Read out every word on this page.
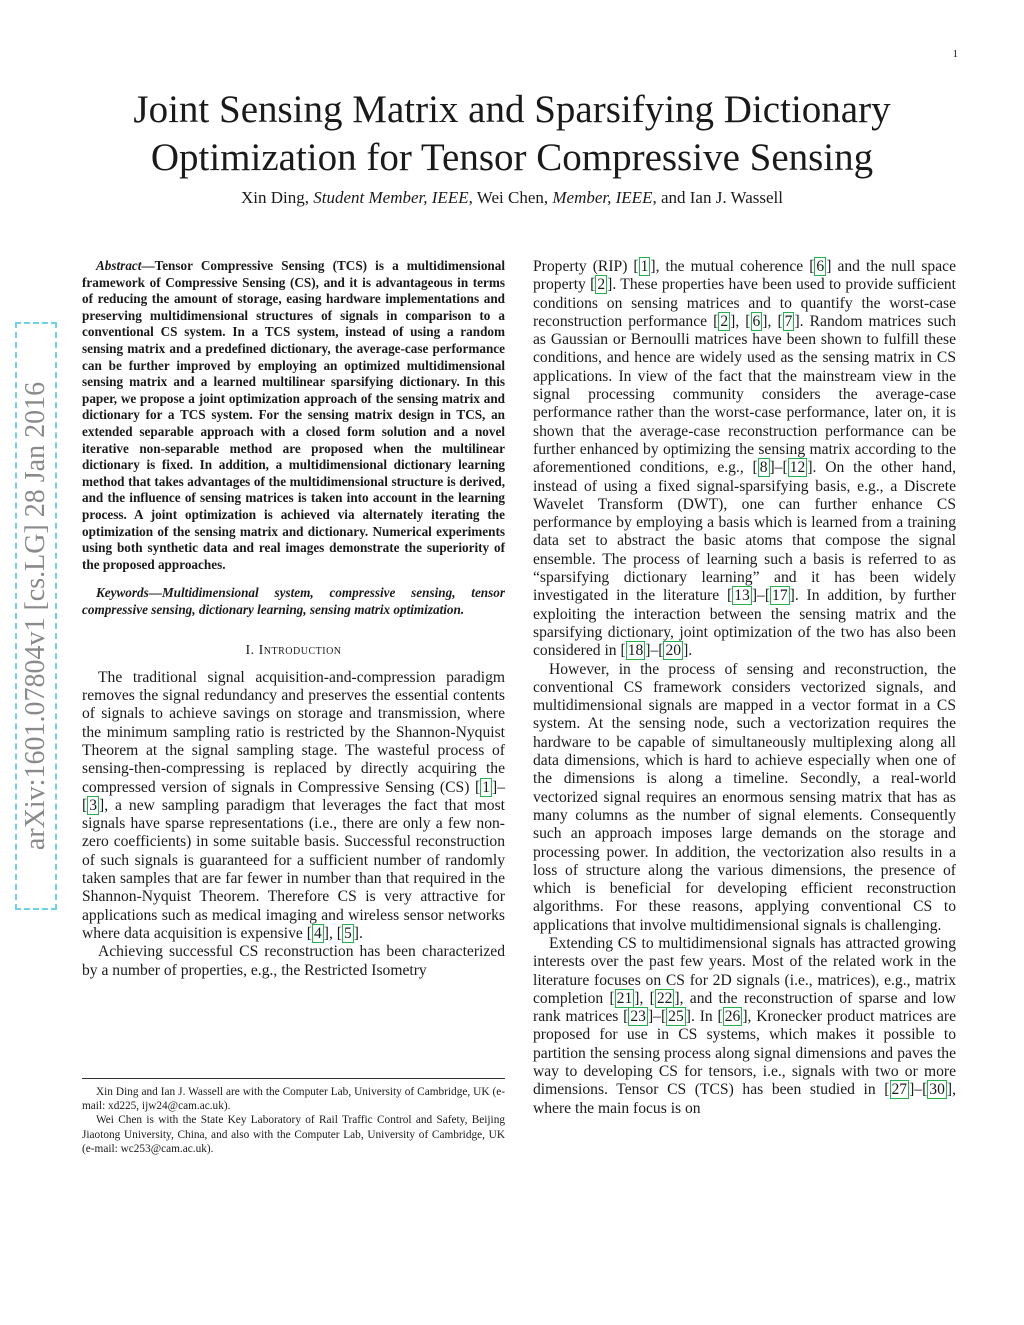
1
arXiv:1601.07804v1 [cs.LG] 28 Jan 2016
Joint Sensing Matrix and Sparsifying Dictionary
Optimization for Tensor Compressive Sensing
Xin Ding, Student Member, IEEE, Wei Chen, Member, IEEE, and Ian J. Wassell

Abstract—Tensor Compressive Sensing (TCS) is a multidimensional framework of Compressive Sensing (CS), and it is advantageous in terms of reducing the amount of storage, easing hardware implementations and preserving multidimensional structures of signals in comparison to a conventional CS system. In a TCS system, instead of using a random sensing matrix and a predefined dictionary, the average-case performance can be further improved by employing an optimized multidimensional sensing matrix and a learned multilinear sparsifying dictionary. In this paper, we propose a joint optimization approach of the sensing matrix and dictionary for a TCS system. For the sensing matrix design in TCS, an extended separable approach with a closed form solution and a novel iterative non-separable method are proposed when the multilinear dictionary is fixed. In addition, a multidimensional dictionary learning method that takes advantages of the multidimensional structure is derived, and the influence of sensing matrices is taken into account in the learning process. A joint optimization is achieved via alternately iterating the optimization of the sensing matrix and dictionary. Numerical experiments using both synthetic data and real images demonstrate the superiority of the proposed approaches.

Keywords—Multidimensional system, compressive sensing, tensor compressive sensing, dictionary learning, sensing matrix optimization.

I. Introduction

The traditional signal acquisition-and-compression paradigm removes the signal redundancy and preserves the essential contents of signals to achieve savings on storage and transmission, where the minimum sampling ratio is restricted by the Shannon-Nyquist Theorem at the signal sampling stage. The wasteful process of sensing-then-compressing is replaced by directly acquiring the compressed version of signals in Compressive Sensing (CS) [ 1 ]–[ 3 ], a new sampling paradigm that leverages the fact that most signals have sparse representations (i.e., there are only a few non-zero coefficients) in some suitable basis. Successful reconstruction of such signals is guaranteed for a sufficient number of randomly taken samples that are far fewer in number than that required in the Shannon-Nyquist Theorem. Therefore CS is very attractive for applications such as medical imaging and wireless sensor networks where data acquisition is expensive [ 4 ], [ 5 ].

Achieving successful CS reconstruction has been characterized by a number of properties, e.g., the Restricted Isometry

Xin Ding and Ian J. Wassell are with the Computer Lab, University of Cambridge, UK (e-mail: xd225, ijw24@cam.ac.uk).

Wei Chen is with the State Key Laboratory of Rail Traffic Control and Safety, Beijing Jiaotong University, China, and also with the Computer Lab, University of Cambridge, UK (e-mail: wc253@cam.ac.uk).

Property (RIP) [ 1 ], the mutual coherence [ 6 ] and the null space property [ 2 ]. These properties have been used to provide sufficient conditions on sensing matrices and to quantify the worst-case reconstruction performance [ 2 ], [ 6 ], [ 7 ]. Random matrices such as Gaussian or Bernoulli matrices have been shown to fulfill these conditions, and hence are widely used as the sensing matrix in CS applications. In view of the fact that the mainstream view in the signal processing community considers the average-case performance rather than the worst-case performance, later on, it is shown that the average-case reconstruction performance can be further enhanced by optimizing the sensing matrix according to the aforementioned conditions, e.g., [ 8 ]–[ 12 ]. On the other hand, instead of using a fixed signal-sparsifying basis, e.g., a Discrete Wavelet Transform (DWT), one can further enhance CS performance by employing a basis which is learned from a training data set to abstract the basic atoms that compose the signal ensemble. The process of learning such a basis is referred to as “sparsifying dictionary learning” and it has been widely investigated in the literature [ 13 ]–[ 17 ]. In addition, by further exploiting the interaction between the sensing matrix and the sparsifying dictionary, joint optimization of the two has also been considered in [ 18 ]–[ 20 ].

However, in the process of sensing and reconstruction, the conventional CS framework considers vectorized signals, and multidimensional signals are mapped in a vector format in a CS system. At the sensing node, such a vectorization requires the hardware to be capable of simultaneously multiplexing along all data dimensions, which is hard to achieve especially when one of the dimensions is along a timeline. Secondly, a real-world vectorized signal requires an enormous sensing matrix that has as many columns as the number of signal elements. Consequently such an approach imposes large demands on the storage and processing power. In addition, the vectorization also results in a loss of structure along the various dimensions, the presence of which is beneficial for developing efficient reconstruction algorithms. For these reasons, applying conventional CS to applications that involve multidimensional signals is challenging.

Extending CS to multidimensional signals has attracted growing interests over the past few years. Most of the related work in the literature focuses on CS for 2D signals (i.e., matrices), e.g., matrix completion [ 21 ], [ 22 ], and the reconstruction of sparse and low rank matrices [ 23 ]–[ 25 ]. In [ 26 ], Kronecker product matrices are proposed for use in CS systems, which makes it possible to partition the sensing process along signal dimensions and paves the way to developing CS for tensors, i.e., signals with two or more dimensions. Tensor CS (TCS) has been studied in [ 27 ]–[ 30 ], where the main focus is on
